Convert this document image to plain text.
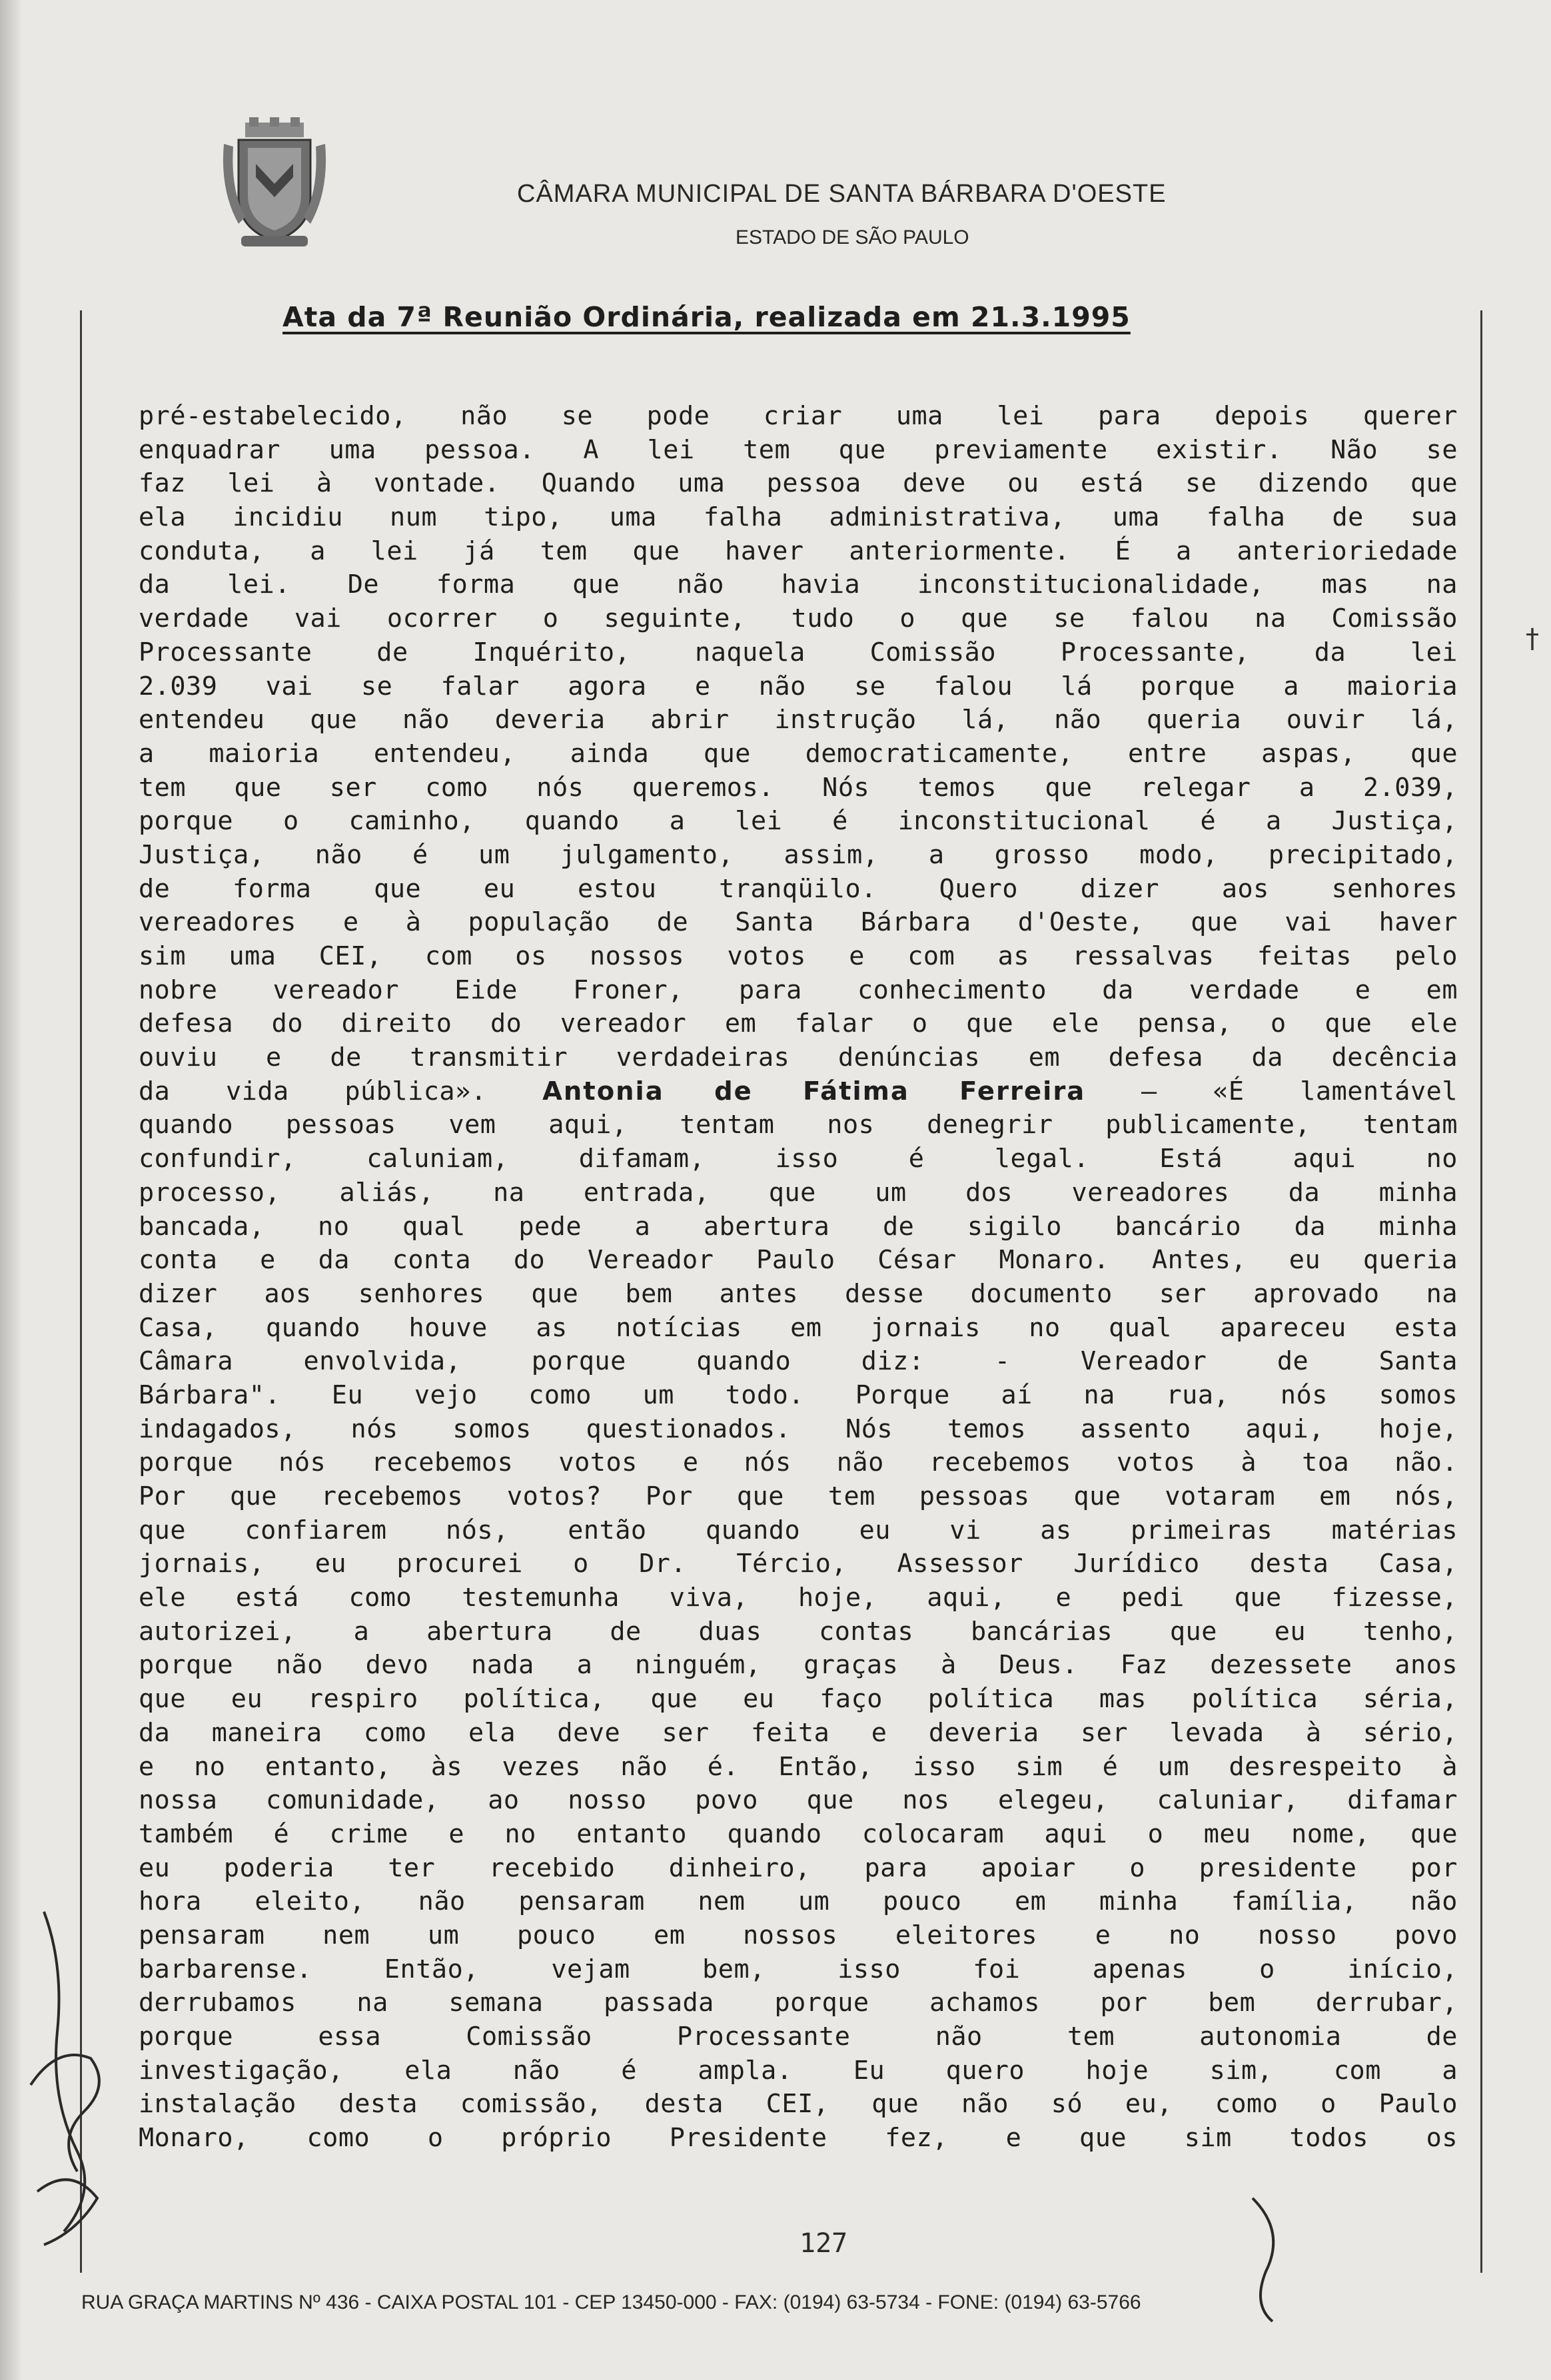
CÂMARA MUNICIPAL DE SANTA BÁRBARA D'OESTE
ESTADO DE SÃO PAULO
Ata da 7ª Reunião Ordinária, realizada em 21.3.1995
pré-estabelecido, não se pode criar uma lei para depois querer
enquadrar uma pessoa. A lei tem que previamente existir. Não se
faz lei à vontade. Quando uma pessoa deve ou está se dizendo que
ela incidiu num tipo, uma falha administrativa, uma falha de sua
conduta, a lei já tem que haver anteriormente. É a anterioriedade
da lei. De forma que não havia inconstitucionalidade, mas na
verdade vai ocorrer o seguinte, tudo o que se falou na Comissão
Processante de Inquérito, naquela Comissão Processante, da lei
2.039 vai se falar agora e não se falou lá porque a maioria
entendeu que não deveria abrir instrução lá, não queria ouvir lá,
a maioria entendeu, ainda que democraticamente, entre aspas, que
tem que ser como nós queremos. Nós temos que relegar a 2.039,
porque o caminho, quando a lei é inconstitucional é a Justiça,
Justiça, não é um julgamento, assim, a grosso modo, precipitado,
de forma que eu estou tranqüilo. Quero dizer aos senhores
vereadores e à população de Santa Bárbara d'Oeste, que vai haver
sim uma CEI, com os nossos votos e com as ressalvas feitas pelo
nobre vereador Eide Froner, para conhecimento da verdade e em
defesa do direito do vereador em falar o que ele pensa, o que ele
ouviu e de transmitir verdadeiras denúncias em defesa da decência
da vida pública». Antonia de Fátima Ferreira – «É lamentável
quando pessoas vem aqui, tentam nos denegrir publicamente, tentam
confundir, caluniam, difamam, isso é legal. Está aqui no
processo, aliás, na entrada, que um dos vereadores da minha
bancada, no qual pede a abertura de sigilo bancário da minha
conta e da conta do Vereador Paulo César Monaro. Antes, eu queria
dizer aos senhores que bem antes desse documento ser aprovado na
Casa, quando houve as notícias em jornais no qual apareceu esta
Câmara envolvida, porque quando diz: - Vereador de Santa
Bárbara". Eu vejo como um todo. Porque aí na rua, nós somos
indagados, nós somos questionados. Nós temos assento aqui, hoje,
porque nós recebemos votos e nós não recebemos votos à toa não.
Por que recebemos votos? Por que tem pessoas que votaram em nós,
que confiarem nós, então quando eu vi as primeiras matérias
jornais, eu procurei o Dr. Tércio, Assessor Jurídico desta Casa,
ele está como testemunha viva, hoje, aqui, e pedi que fizesse,
autorizei, a abertura de duas contas bancárias que eu tenho,
porque não devo nada a ninguém, graças à Deus. Faz dezessete anos
que eu respiro política, que eu faço política mas política séria,
da maneira como ela deve ser feita e deveria ser levada à sério,
e no entanto, às vezes não é. Então, isso sim é um desrespeito à
nossa comunidade, ao nosso povo que nos elegeu, caluniar, difamar
também é crime e no entanto quando colocaram aqui o meu nome, que
eu poderia ter recebido dinheiro, para apoiar o presidente por
hora eleito, não pensaram nem um pouco em minha família, não
pensaram nem um pouco em nossos eleitores e no nosso povo
barbarense. Então, vejam bem, isso foi apenas o início,
derrubamos na semana passada porque achamos por bem derrubar,
porque essa Comissão Processante não tem autonomia de
investigação, ela não é ampla. Eu quero hoje sim, com a
instalação desta comissão, desta CEI, que não só eu, como o Paulo
Monaro, como o próprio Presidente fez, e que sim todos os
†
127
RUA GRAÇA MARTINS Nº 436 - CAIXA POSTAL 101 - CEP 13450-000 - FAX: (0194) 63-5734 - FONE: (0194) 63-5766
